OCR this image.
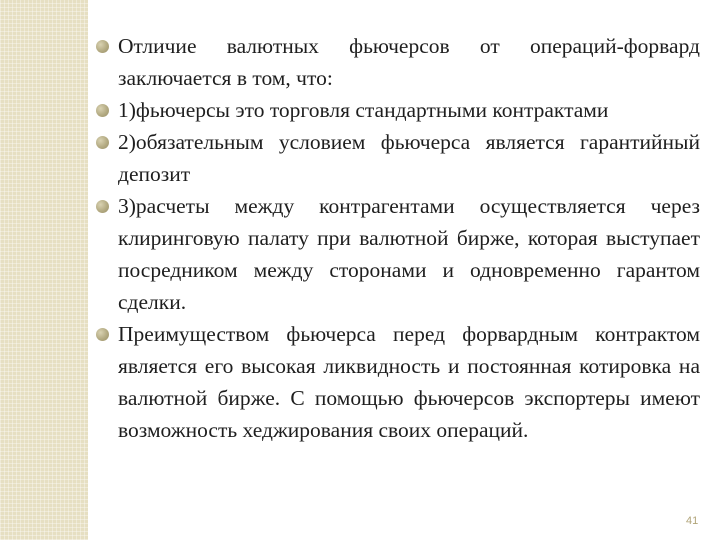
Отличие валютных фьючерсов от операций-форвард заключается в том, что:
1)фьючерсы это торговля стандартными контрактами
2)обязательным условием фьючерса является гарантийный депозит
3)расчеты между контрагентами осуществляется через клиринговую палату при валютной бирже, которая выступает посредником между сторонами и одновременно гарантом сделки.
Преимуществом фьючерса перед форвардным контрактом является его высокая ликвидность и постоянная котировка на валютной бирже. С помощью фьючерсов экспортеры имеют возможность хеджирования своих операций.
41
